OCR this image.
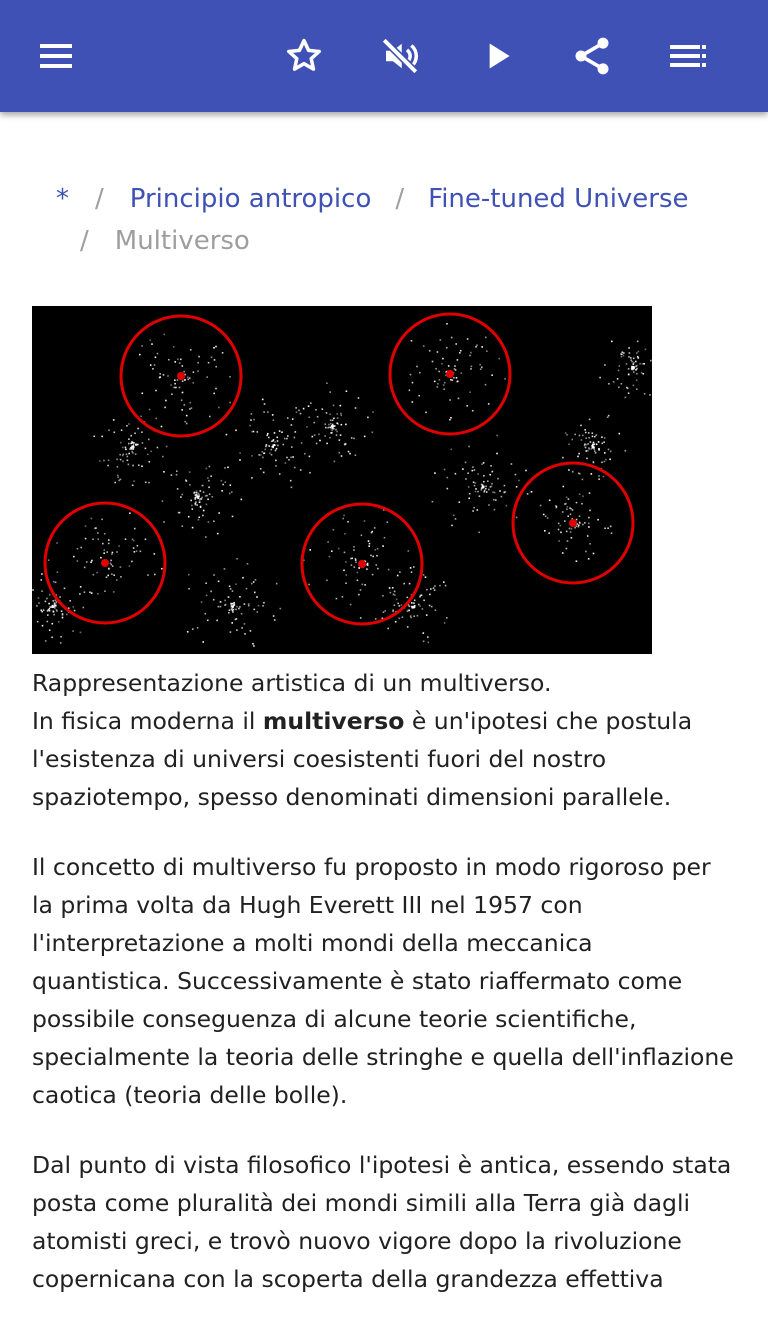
* / Principio antropico / Fine-tuned Universe
/ Multiverso

Rappresentazione artistica di un multiverso.

In fisica moderna il multiverso è un'ipotesi che postula l'esistenza di universi coesistenti fuori del nostro spaziotempo, spesso denominati dimensioni parallele.

Il concetto di multiverso fu proposto in modo rigoroso per la prima volta da Hugh Everett III nel 1957 con l'interpretazione a molti mondi della meccanica quantistica. Successivamente è stato riaffermato come possibile conseguenza di alcune teorie scientifiche, specialmente la teoria delle stringhe e quella dell'inflazione caotica (teoria delle bolle).

Dal punto di vista filosofico l'ipotesi è antica, essendo stata posta come pluralità dei mondi simili alla Terra già dagli atomisti greci, e trovò nuovo vigore dopo la rivoluzione copernicana con la scoperta della grandezza effettiva
